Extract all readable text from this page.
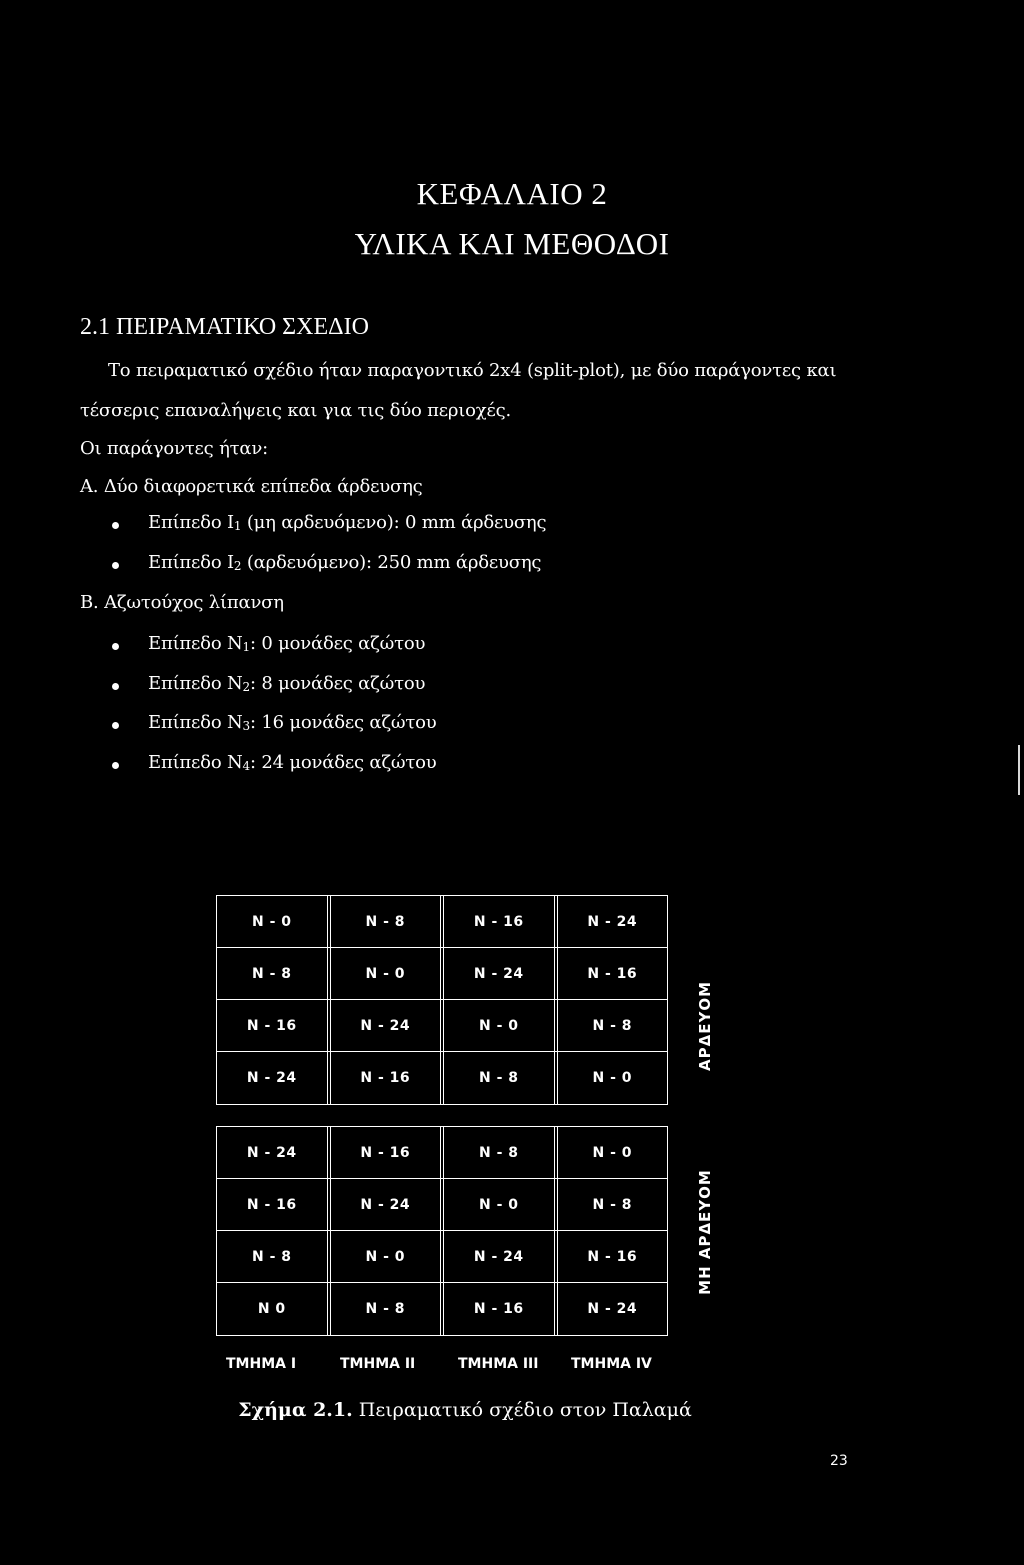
ΚΕΦΑΛΑΙΟ 2
ΥΛΙΚΑ ΚΑΙ ΜΕΘΟΔΟΙ
2.1 ΠΕΙΡΑΜΑΤΙΚΟ ΣΧΕΔΙΟ
Το πειραματικό σχέδιο ήταν παραγοντικό 2x4 (split-plot), με δύο παράγοντες και
τέσσερις επαναλήψεις και για τις δύο περιοχές.
Οι παράγοντες ήταν:
Α. Δύο διαφορετικά επίπεδα άρδευσης
Επίπεδο $I_1$ (μη αρδευόμενο): 0 mm άρδευσης
Επίπεδο $I_2$ (αρδευόμενο): 250 mm άρδευσης
Β. Αζωτούχος λίπανση
Επίπεδο $N_1$: 0 μονάδες αζώτου
Επίπεδο $N_2$: 8 μονάδες αζώτου
Επίπεδο $N_3$: 16 μονάδες αζώτου
Επίπεδο $N_4$: 24 μονάδες αζώτου
N - 0	N - 8	N - 16	N - 24
N - 8	N - 0	N - 24	N - 16
N - 16	N - 24	N - 0	N - 8
N - 24	N - 16	N - 8	N - 0
ΑΡΔΕΥΟΜ
N - 24	N - 16	N - 8	N - 0
N - 16	N - 24	N - 0	N - 8
N - 8	N - 0	N - 24	N - 16
N 0	N - 8	N - 16	N - 24
ΜΗ ΑΡΔΕΥΟΜ
ΤΜΗΜΑ I	ΤΜΗΜΑ II	ΤΜΗΜΑ III ΤΜΗΜΑ IV
Σχήμα 2.1. Πειραματικό σχέδιο στον Παλαμά
23
